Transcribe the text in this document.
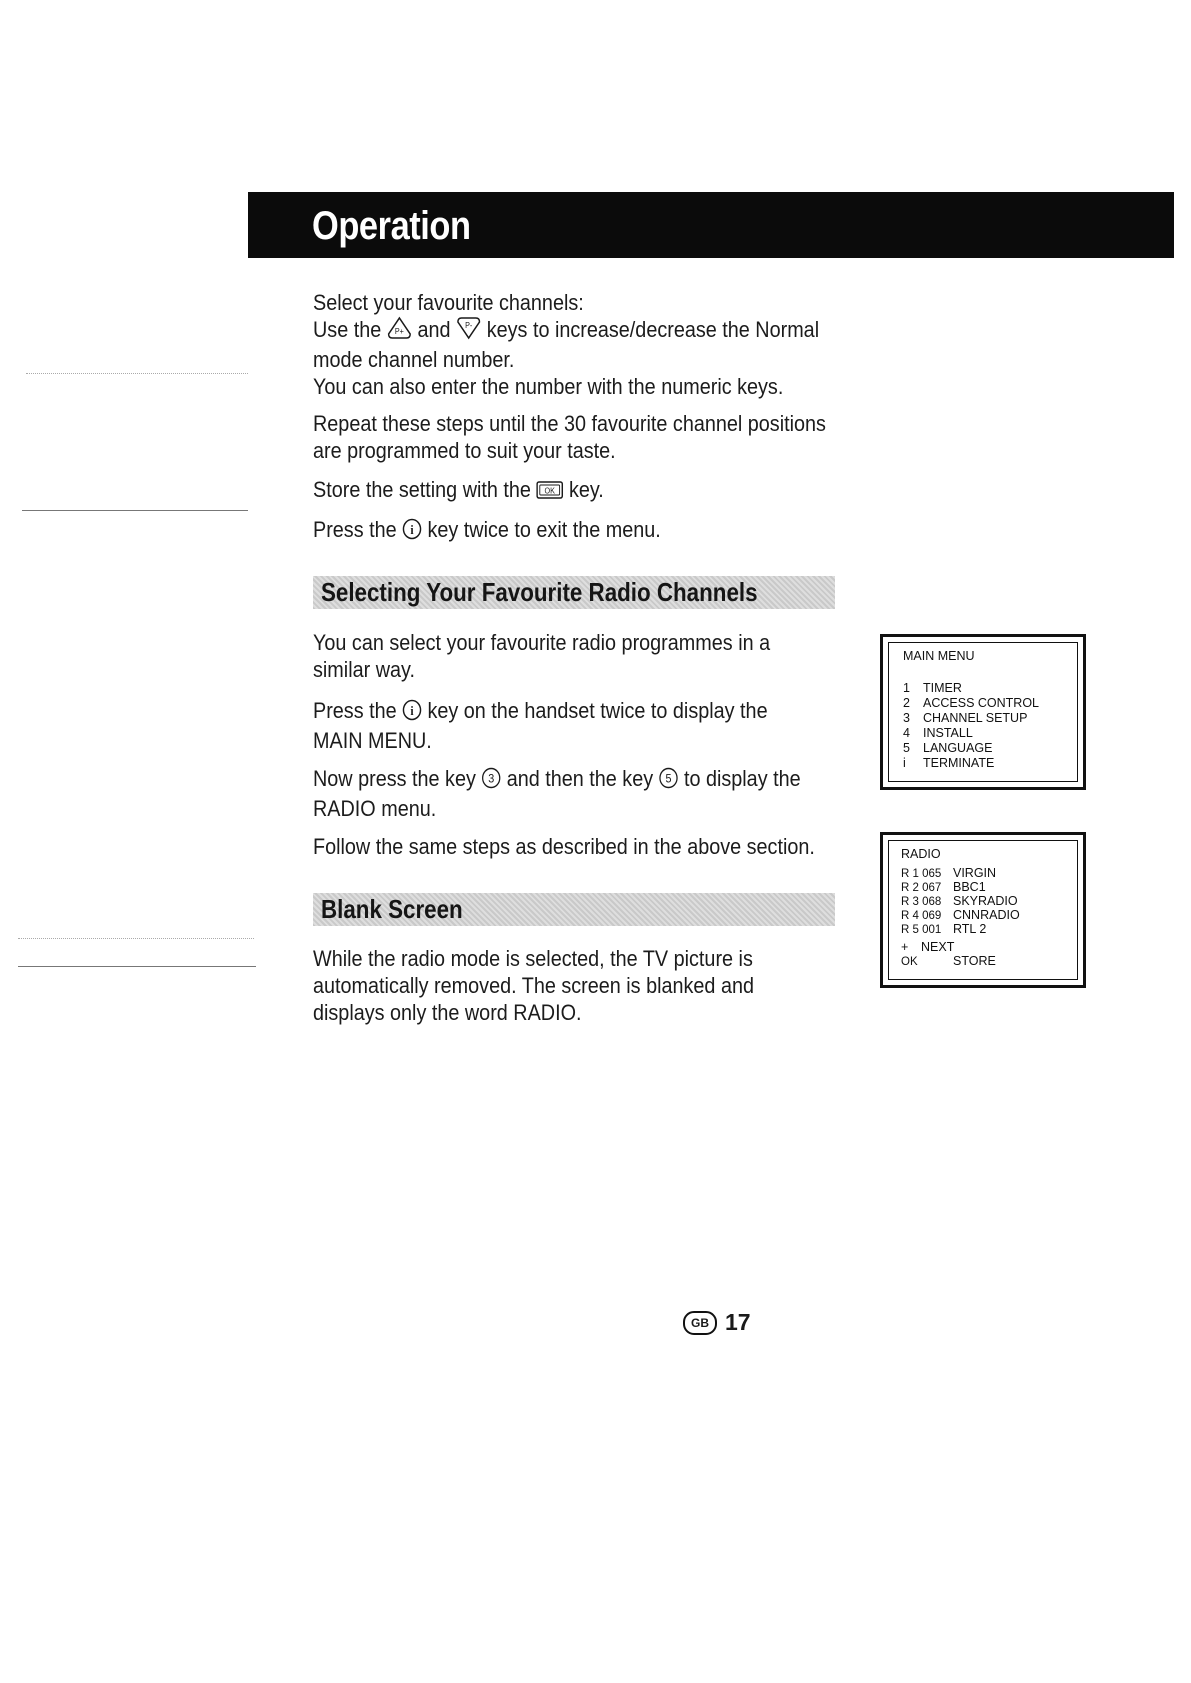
Operation

Select your favourite channels:

Use the P+ and P- keys to increase/decrease the Normal

mode channel number.

You can also enter the number with the numeric keys.

Repeat these steps until the 30 favourite channel positions

are programmed to suit your taste.

Store the setting with the OK key.

Press the i key twice to exit the menu.

Selecting Your Favourite Radio Channels

You can select your favourite radio programmes in a

similar way.

Press the i key on the handset twice to display the

MAIN MENU.

Now press the key 3 and then the key 5 to display the

RADIO menu.

Follow the same steps as described in the above section.

Blank Screen

While the radio mode is selected, the TV picture is

automatically removed. The screen is blanked and

displays only the word RADIO.

MAIN MENU
1 TIMER
2 ACCESS CONTROL
3 CHANNEL SETUP
4 INSTALL
5 LANGUAGE
i TERMINATE
RADIO
R 1 065 VIRGIN
R 2 067 BBC1
R 3 068 SKYRADIO
R 4 069 CNNRADIO
R 5 001 RTL 2
+ NEXT
OK	STORE
GB 17
